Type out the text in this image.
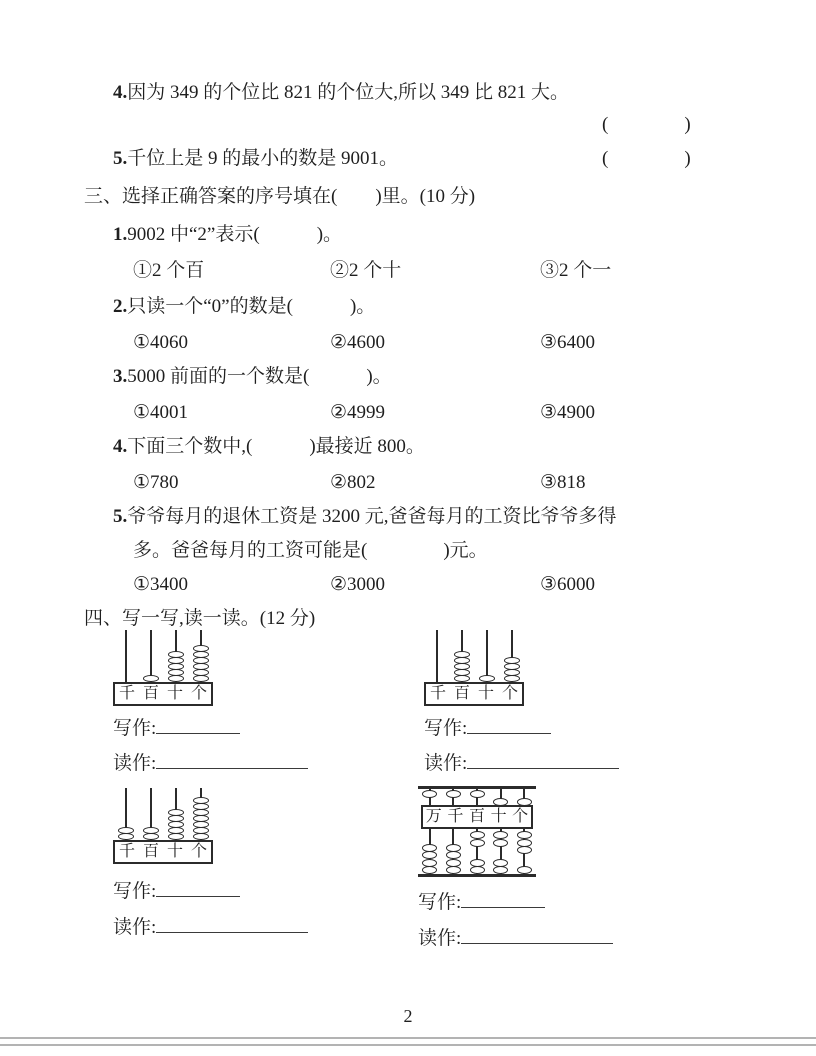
4.因为 349 的个位比 821 的个位大,所以 349 比 821 大。
(　　　　)
5.千位上是 9 的最小的数是 9001。	(　　　　)
三、选择正确答案的序号填在(　　)里。(10 分)
1.9002 中“2”表示(　　　)。
①2 个百	②2 个十	③2 个一
2.只读一个“0”的数是(　　　)。
①4060	②4600	③6400
3.5000 前面的一个数是(　　　)。
①4001	②4999	③4900
4.下面三个数中,(　　　)最接近 800。
①780	②802	③818
5.爷爷每月的退休工资是 3200 元,爸爸每月的工资比爷爷多得
多。爸爸每月的工资可能是(　　　　)元。
①3400	②3000	③6000
四、写一写,读一读。(12 分)
千 百 十 个
写作:
读作:
千 百 十 个
写作:
读作:
千 百 十 个
写作:
读作:
万 千 百 十 个
写作:
读作:
2
